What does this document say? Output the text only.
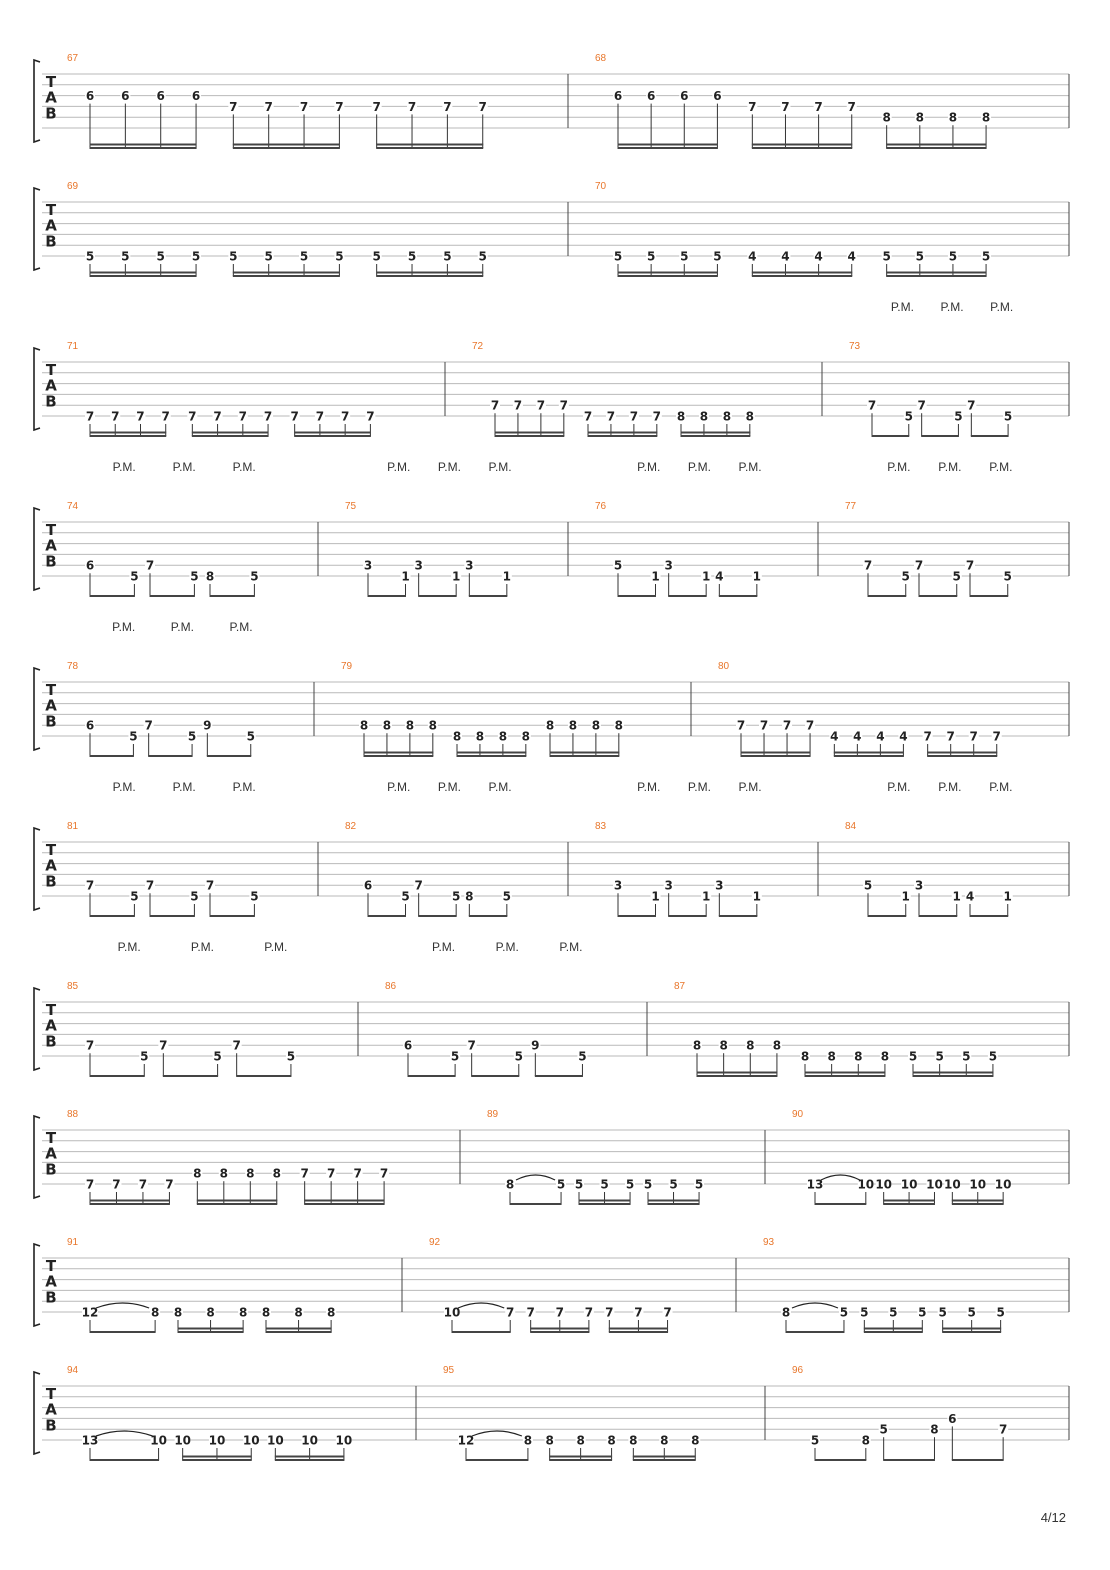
T
A
B
67
6 6 6 6
7 7 7 7 7 7 7 7
68
6 6 6 6
7 7 7 7
8 8 8 8
T
A
B
69
5 5 5 5 5 5 5 5 5 5 5 5
70
5 5 5 5 4 4 4 4 5 5 5 5
T
A
B
71
7 7 7 7 7 7 7 7 7 7 7 7
72
7 7 7 7
7 7 7 7 8 8 8 8
73
7
5
P.M.
7
5
P.M.
7
5
P.M.
T
A
B
74
6
5
P.M.
7
5
P.M.
8	5
P.M.
75
3
1
P.M.
3
1
P.M.
3
1
P.M.
76
5
1
P.M.
3
1
P.M.
4 1
P.M.
77
7
5
P.M.
7
5
P.M.
7
5
P.M.
T
A
B
78
6
5
P.M.
7
5
P.M.
9
5
P.M.
79
8 8 8 8
8 8 8 8
8 8 8 8
80
7 7 7 7
4 4 4 4 7 7 7 7
T
A
B
81
7
5
P.M.
7
5
P.M.
7
5
P.M.
82
6
5
P.M.
7
5
P.M.
8 5
P.M.
83
3
1
P.M.
3
1
P.M.
3
1
P.M.
84
5
1
P.M.
3
1
P.M.
4 1
P.M.
T
A
B
85
7
5
P.M.
7
5
P.M.
7
5
P.M.
86
6
5
P.M.
7
5
P.M.
9
5
P.M.
87
8 8 8 8
8 8 8 8 5 5 5 5
T
A
B
88
7 7 7 7
8 8 8 8 7 7 7 7
89
8	5 5 5 5 5 5 5
90
13	10 10 10 10 10 10 10
T
A
B
91
12	8 8 8 8 8 8 8
92
10	7 7 7 7 7 7 7
93
8	5 5 5 5 5 5 5
T
A
B
94
13	10 10 10 10 10 10 10
95
12	8 8 8 8 8 8 8
96
5	8
5	8
6
7
4/12
